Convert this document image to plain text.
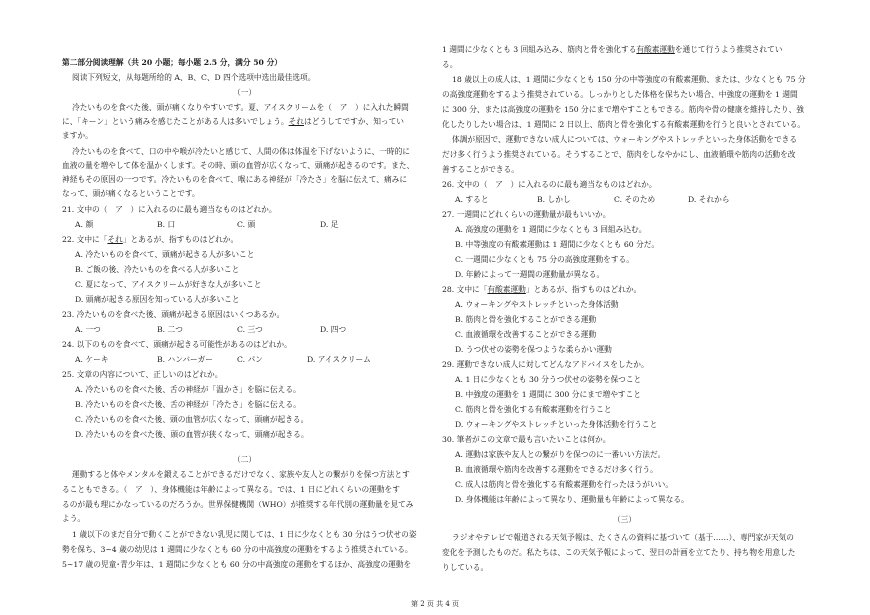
第二部分阅读理解（共 20 小题；每小题 2.5 分，满分 50 分）
阅读下列短文，从每题所给的 A、B、C、D 四个选项中选出最佳选项。
（一）
冷たいものを食べた後、頭が痛くなりやすいです。夏、アイスクリームを（　ア　）に入れた瞬間
に、「キーン」という痛みを感じたことがある人は多いでしょう。それはどうしてですか、知ってい
ますか。
冷たいものを食べて、口の中や喉が冷たいと感じて、人間の体は体温を下げないように、一時的に
血液の量を増やして体を温かくします。その時、頭の血管が広くなって、頭痛が起きるのです。また、
神経もその原因の一つです。冷たいものを食べて、喉にある神経が「冷たさ」を脳に伝えて、痛みに
なって、頭が痛くなるということです。
21. 文中の（　ア　）に入れるのに最も適当なものはどれか。
A. 顔	B. 口	C. 頭	D. 足
22. 文中に「それ」とあるが、指すものはどれか。
A. 冷たいものを食べて、頭痛が起きる人が多いこと
B. ご飯の後、冷たいものを食べる人が多いこと
C. 夏になって、アイスクリームが好きな人が多いこと
D. 頭痛が起きる原因を知っている人が多いこと
23. 冷たいものを食べた後、頭痛が起きる原因はいくつあるか。
A. 一つ	B. 二つ	C. 三つ	D. 四つ
24. 以下のものを食べて、頭痛が起きる可能性があるのはどれか。
A. ケーキ	B. ハンバーガー	C. パン	D. アイスクリーム
25. 文章の内容について、正しいのはどれか。
A. 冷たいものを食べた後、舌の神経が「温かさ」を脳に伝える。
B. 冷たいものを食べた後、舌の神経が「冷たさ」を脳に伝える。
C. 冷たいものを食べた後、頭の血管が広くなって、頭痛が起きる。
D. 冷たいものを食べた後、頭の血管が狭くなって、頭痛が起きる。
（二）
運動すると体やメンタルを鍛えることができるだけでなく、家族や友人との繋がりを保つ方法とす
ることもできる。（　ア　）、身体機能は年齢によって異なる。では、1 日にどれくらいの運動をす
るのが最も理にかなっているのだろうか。世界保健機関（WHO）が推奨する年代別の運動量を見てみ
よう。
1 歳以下のまだ自分で動くことができない乳児に関しては、1 日に少なくとも 30 分はうつ伏せの姿
勢を保ち、3~4 歳の幼児は 1 週間に少なくとも 60 分の中高強度の運動をするよう推奨されている。
5~17 歳の児童･青少年は、1 週間に少なくとも 60 分の中高強度の運動をするほか、高強度の運動を
1 週間に少なくとも 3 回組み込み、筋肉と骨を強化する有酸素運動を通じて行うよう推奨されてい
る。
18 歳以上の成人は、1 週間に少なくとも 150 分の中等強度の有酸素運動、または、少なくとも 75 分
の高強度運動をするよう推奨されている。しっかりとした体格を保ちたい場合、中強度の運動を 1 週間
に 300 分、または高強度の運動を 150 分にまで増やすこともできる。筋肉や骨の健康を維持したり、強
化したりしたい場合は、1 週間に 2 日以上、筋肉と骨を強化する有酸素運動を行うと良いとされている。
体調が原因で、運動できない成人については、ウォーキングやストレッチといった身体活動をできる
だけ多く行うよう推奨されている。そうすることで、筋肉をしなやかにし、血液循環や筋肉の活動を改
善することができる。
26. 文中の（　ア　）に入れるのに最も適当なものはどれか。
A. すると	B. しかし	C. そのため	D. それから
27. 一週間にどれくらいの運動量が最もいいか。
A. 高強度の運動を 1 週間に少なくとも 3 回組み込む。
B. 中等強度の有酸素運動は 1 週間に少なくとも 60 分だ。
C. 一週間に少なくとも 75 分の高強度運動をする。
D. 年齢によって一週間の運動量が異なる。
28. 文中に「有酸素運動」とあるが、指すものはどれか。
A. ウォーキングやストレッチといった身体活動
B. 筋肉と骨を強化することができる運動
C. 血液循環を改善することができる運動
D. うつ伏せの姿勢を保つような柔らかい運動
29. 運動できない成人に対してどんなアドバイスをしたか。
A. 1 日に少なくとも 30 分うつ伏せの姿勢を保つこと
B. 中強度の運動を 1 週間に 300 分にまで増やすこと
C. 筋肉と骨を強化する有酸素運動を行うこと
D. ウォーキングやストレッチといった身体活動を行うこと
30. 筆者がこの文章で最も言いたいことは何か。
A. 運動は家族や友人との繋がりを保つのに一番いい方法だ。
B. 血液循環や筋肉を改善する運動をできるだけ多く行う。
C. 成人は筋肉と骨を強化する有酸素運動を行ったほうがいい。
D. 身体機能は年齢によって異なり、運動量も年齢によって異なる。
（三）
ラジオやテレビで報道される天気予報は、たくさんの資料に基づいて（基于……）、専門家が天気の
変化を予測したものだ。私たちは、この天気予報によって、翌日の計画を立てたり、持ち物を用意した
りしている。
第 2 页 共 4 页
